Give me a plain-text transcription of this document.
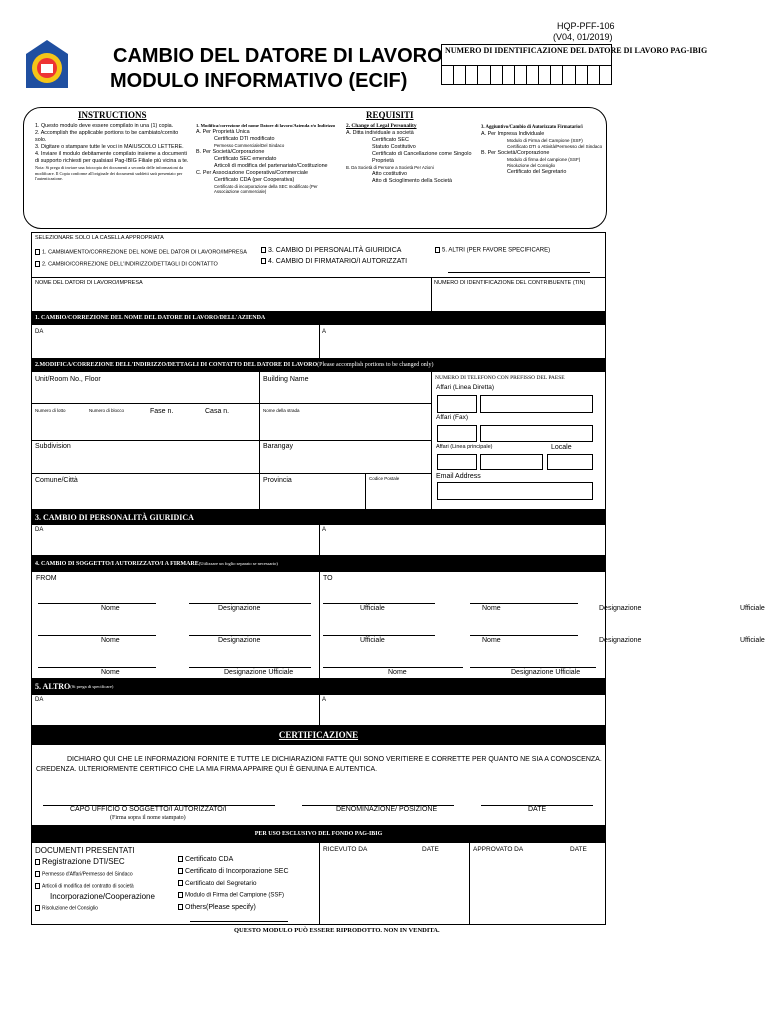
HQP-PFF-106
(V04, 01/2019)
CAMBIO DEL DATORE DI LAVORO
MODULO INFORMATIVO (ECIF)
NUMERO DI IDENTIFICAZIONE DEL DATORE DI LAVORO PAG-IBIG
INSTRUCTIONS
1. Questo modulo deve essere compilato in una (1) copia.
2. Accomplish the applicable portions to be cambiato/cornito solo.
3. Digitare o stampare tutte le voci in MAIUSCOLO LETTERE.
4. Inviare il modulo debitamente compilato insieme a documenti di supporto richiesti per qualsiasi Pag-IBIG Filiale più vicina a te.
Nota: Si prega di inviare una fotocopia dei documenti a seconda delle informazioni da modificare. Il Copia conforme all'originale dei documenti suddetti sarà presentato per l'autenticazione.
REQUISITI
1. Modifica/correzione del nome Datore di lavoro/Azienda e/o Indirizzo
A. Per Proprietà Unica
Certificato DTI modificato
Permesso Commerciale/Del Sindaco
B. Per Società/Corporazione
Certificato SEC emendato
Articoli di modifica del partenariato/Costituzione
C. Per Associazione Cooperativa/Commerciale
Certificato CDA (per Cooperativa)
Certificato di incorporazione della SEC modificato (Per Associazione commerciale)
2. Change of Legal Personality
A. Ditta individuale a società
Certificato SEC
Statuto Costitutivo
Certificato di Cancellazione come Singolo Proprietà
B. Da Società di Persone a Società Per Azioni
Atto costitutivo
Atto di Scioglimento della Società
3. Aggiuntivo/Cambio di Autorizzato Firmatario/i
A. Per Impresa Individuale
Modulo di Firma del Campione (SSF)
Certificato DTI o Attività/Permesso del Sindaco
B. Per Società/Corporazione
Modulo di firma del campione (SSF)
Risoluzione del Consiglio
Certificato del Segretario
SELEZIONARE SOLO LA CASELLA APPROPRIATA
1. CAMBIAMENTO/CORREZIONE DEL NOME DEL DATOR DI LAVORO/IMPRESA
2. CAMBIO/CORREZIONE DELL'INDIRIZZO/DETTAGLI DI CONTATTO
3. CAMBIO DI PERSONALITÀ GIURIDICA
4. CAMBIO DI FIRMATARIO/I AUTORIZZATI
5. ALTRI (PER FAVORE SPECIFICARE)
NOME DEL DATORI DI LAVORO/IMPRESA	NUMERO DI IDENTIFICAZIONE DEL CONTRIBUENTE (TIN)
1. CAMBIO/CORREZIONE DEL NOME DEL DATORE DI LAVORO/DELL'AZIENDA
DA	A
2.MODIFICA/CORREZIONE DELL'INDIRIZZO/DETTAGLI DI CONTATTO DEL DATORE DI LAVORO (Please accomplish portions to be changed only)
Unit/Room No., Floor	Building Name
Numero di lotto	Numero di blocco	Fase n.	Casa n.	Nome della strada
Subdivision	Barangay
Comune/Città	Provincia	Codice Postale
NUMERO DI TELEFONO CON PREFISSO DEL PAESE
Affari (Linea Diretta)
Affari (Fax)
Affari (Linea principale)	Locale
Email Address
3. CAMBIO DI PERSONALITÀ GIURIDICA
DA	A
4. CAMBIO DI SOGGETTO/I AUTORIZZATO/I A FIRMARE (Utilizzare un foglio separato se necessario)
FROM	TO
Nome	Designazione	Ufficiale	Nome	Designazione	Ufficiale
Nome	Designazione	Ufficiale	Nome	Designazione	Ufficiale
Nome	Designazione Ufficiale	Nome	Designazione Ufficiale
5. ALTRO (Si prega di specificare)
DA	A
CERTIFICAZIONE
DICHIARO QUI CHE LE INFORMAZIONI FORNITE E TUTTE LE DICHIARAZIONI FATTE QUI SONO VERITIERE E CORRETTE PER QUANTO NE SIA A CONOSCENZA.
CREDENZA. ULTERIORMENTE CERTIFICO CHE LA MIA FIRMA APPAIRE QUI È GENUINA E AUTENTICA.
CAPO UFFICIO O SOGGETTO/I AUTORIZZATO/I
(Firma sopra il nome stampato)
DENOMINAZIONE/ POSIZIONE	DATE
PER USO ESCLUSIVO DEL FONDO PAG-IBIG
DOCUMENTI PRESENTATI
Registrazione DTI/SEC
Permesso d'Affari/Permesso del Sindaco
Articoli di modifica del contratto di società
Incorporazione/Cooperazione
Risoluzione del Consiglio
Certificato CDA
Certificato di Incorporazione SEC
Certificato del Segretario
Modulo di Firma del Campione (SSF)
Others(Please specify)
RICEVUTO DA	DATE	APPROVATO DA	DATE
QUESTO MODULO PUÒ ESSERE RIPRODOTTO. NON IN VENDITA.
